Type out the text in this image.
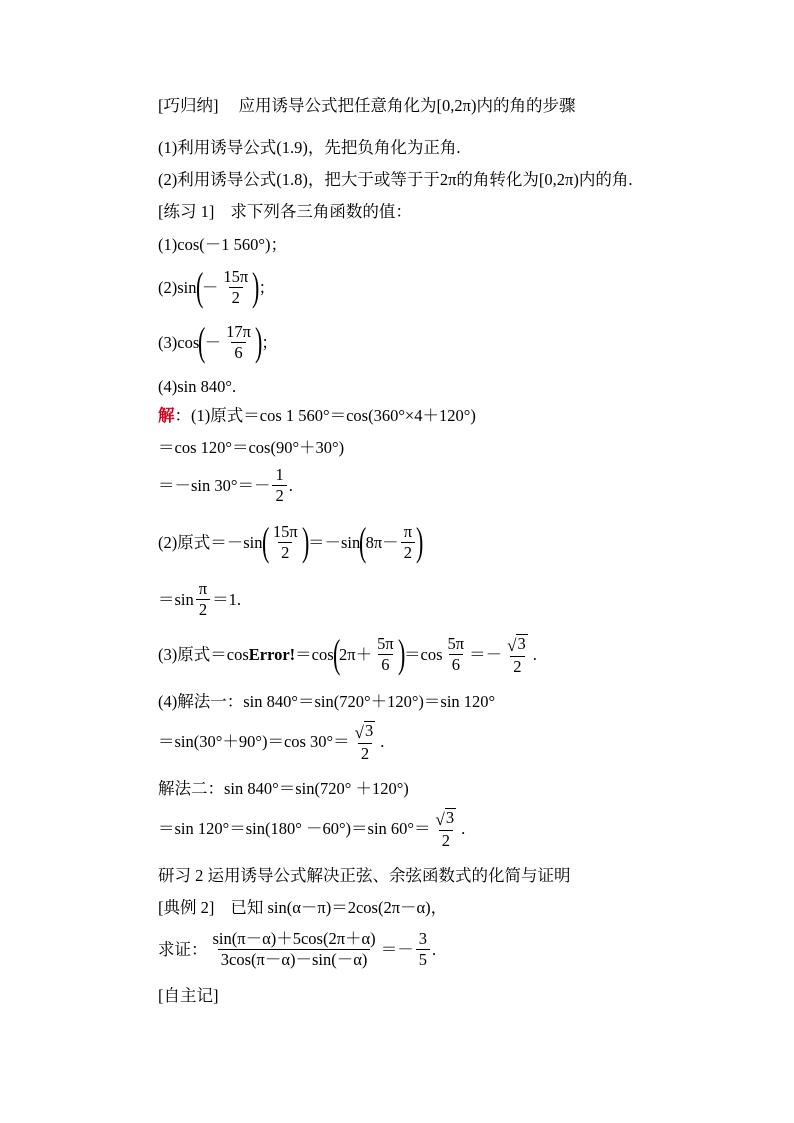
[巧归纳] 应用诱导公式把任意角化为[0,2π)内的角的步骤
(1)利用诱导公式(1.9)，先把负角化为正角.
(2)利用诱导公式(1.8)，把大于或等于于2π的角转化为[0,2π)内的角.
[练习 1] 求下列各三角函数的值：
(1)cos(－1 560°)；
(2)sin
(
－ $\frac{15\pi}{2}$ )
；
(3)cos
(
－ $\frac{17\pi}{6}$ )
；
(4)sin 840°.
解 ：(1)原式＝cos 1 560°＝cos(360°×4＋120°)
＝cos 120°＝cos(90°＋30°)
＝－sin $30^\circ=- \frac{1}{2}$ .
(2)原式＝－sin
( $\frac{15\pi}{2}$ )
＝－sin
(
$8\pi- \frac{\pi}{2}$ )
$=\sin \frac{\pi}{2} =1$.
(3)原式＝cos Error! ＝cos
(
$2\pi+ \frac{5\pi}{6}$ )
$=\cos \frac{5\pi}{6} =- \frac{√ 3}{2}$ .
(4)解法一：sin 840°＝sin(720°＋120°)＝sin 120°
＝sin(30°＋90°)＝cos $30^\circ= \frac{√ 3}{2}$ .
解法二：sin 840°＝sin(720° ＋120°)
＝sin 120°＝sin(180° －60°)＝sin $60^\circ= \frac{√ 3}{2}$ .
研习 2 运用诱导公式解决正弦、余弦函数式的化简与证明
[典例 2] 已知 sin(α－π)＝2cos(2π－α)，
求证： $\frac{\sin(\pi-\alpha)+5\cos(2\pi+\alpha)}{3\cos(\pi-\alpha)-\sin(-\alpha)} =- \frac{3}{5}$ .
[自主记]
